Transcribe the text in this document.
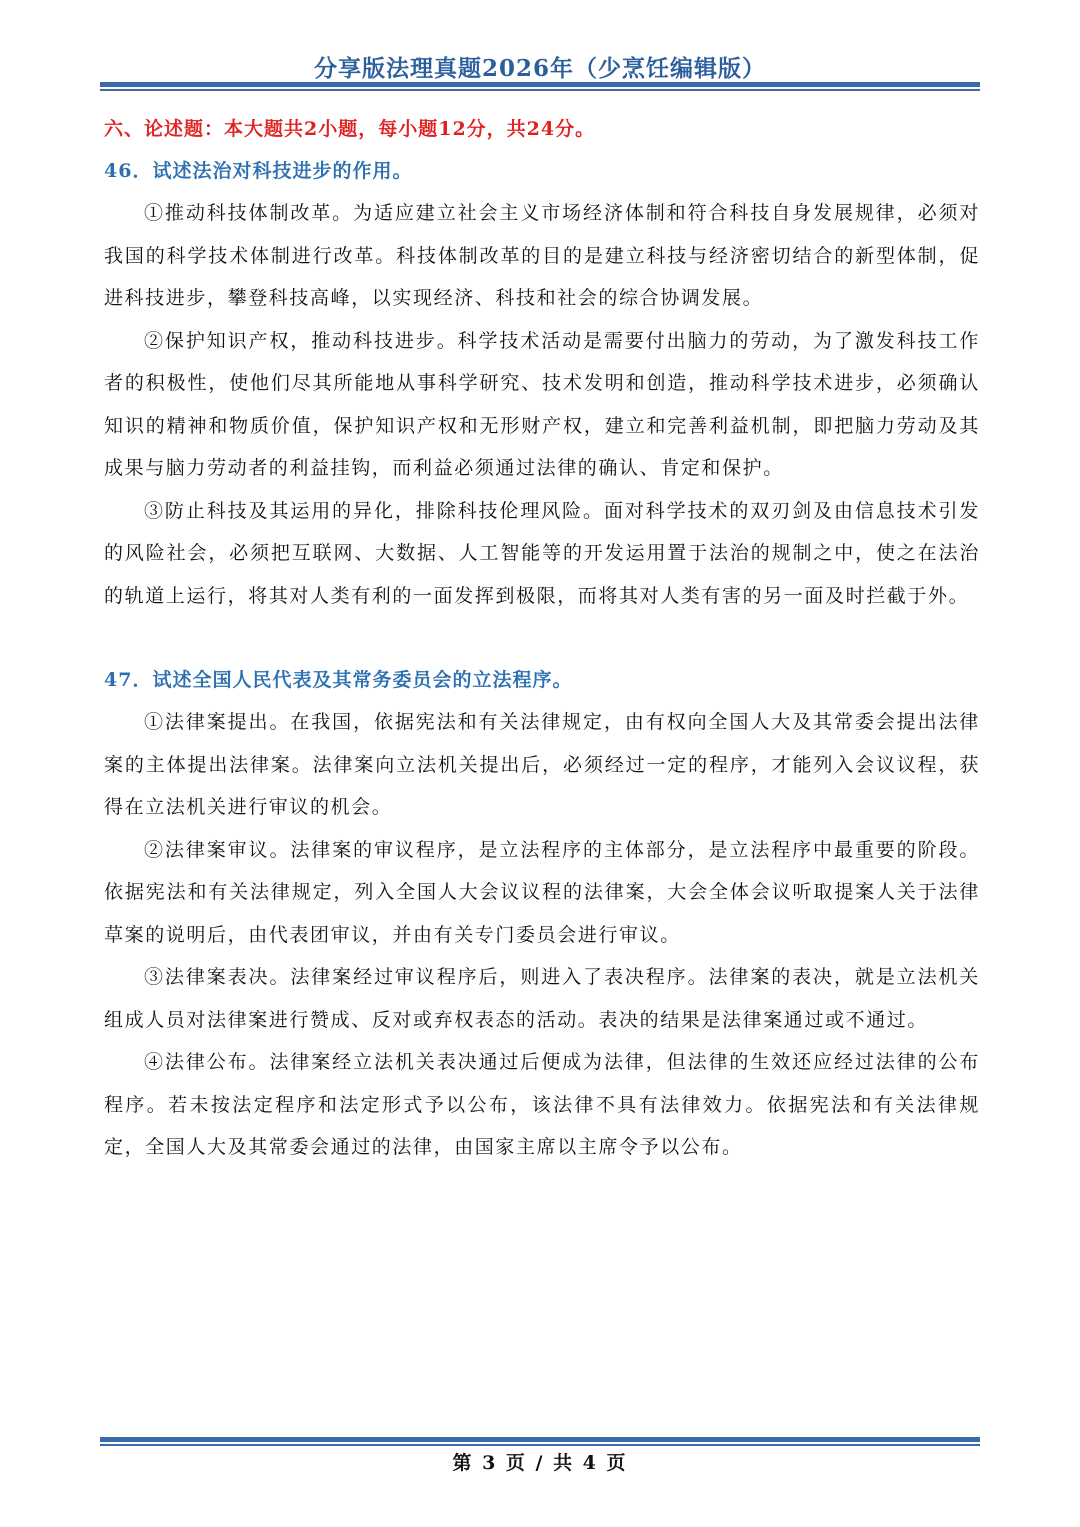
分享版法理真题2026年（少烹饪编辑版）
六、论述题：本大题共2小题，每小题12分，共24分。
46．试述法治对科技进步的作用。

①推动科技体制改革。为适应建立社会主义市场经济体制和符合科技自身发展规律，必须对我国的科学技术体制进行改革。科技体制改革的目的是建立科技与经济密切结合的新型体制，促进科技进步，攀登科技高峰，以实现经济、科技和社会的综合协调发展。

②保护知识产权，推动科技进步。科学技术活动是需要付出脑力的劳动，为了激发科技工作者的积极性，使他们尽其所能地从事科学研究、技术发明和创造，推动科学技术进步，必须确认知识的精神和物质价值，保护知识产权和无形财产权，建立和完善利益机制，即把脑力劳动及其成果与脑力劳动者的利益挂钩，而利益必须通过法律的确认、肯定和保护。

③防止科技及其运用的异化，排除科技伦理风险。面对科学技术的双刃剑及由信息技术引发的风险社会，必须把互联网、大数据、人工智能等的开发运用置于法治的规制之中，使之在法治的轨道上运行，将其对人类有利的一面发挥到极限，而将其对人类有害的另一面及时拦截于外。

47．试述全国人民代表及其常务委员会的立法程序。

①法律案提出。在我国，依据宪法和有关法律规定，由有权向全国人大及其常委会提出法律案的主体提出法律案。法律案向立法机关提出后，必须经过一定的程序，才能列入会议议程，获得在立法机关进行审议的机会。

②法律案审议。法律案的审议程序，是立法程序的主体部分，是立法程序中最重要的阶段。依据宪法和有关法律规定，列入全国人大会议议程的法律案，大会全体会议听取提案人关于法律草案的说明后，由代表团审议，并由有关专门委员会进行审议。

③法律案表决。法律案经过审议程序后，则进入了表决程序。法律案的表决，就是立法机关组成人员对法律案进行赞成、反对或弃权表态的活动。表决的结果是法律案通过或不通过。

④法律公布。法律案经立法机关表决通过后便成为法律，但法律的生效还应经过法律的公布程序。若未按法定程序和法定形式予以公布，该法律不具有法律效力。依据宪法和有关法律规定，全国人大及其常委会通过的法律，由国家主席以主席令予以公布。

第 3 页 / 共 4 页
